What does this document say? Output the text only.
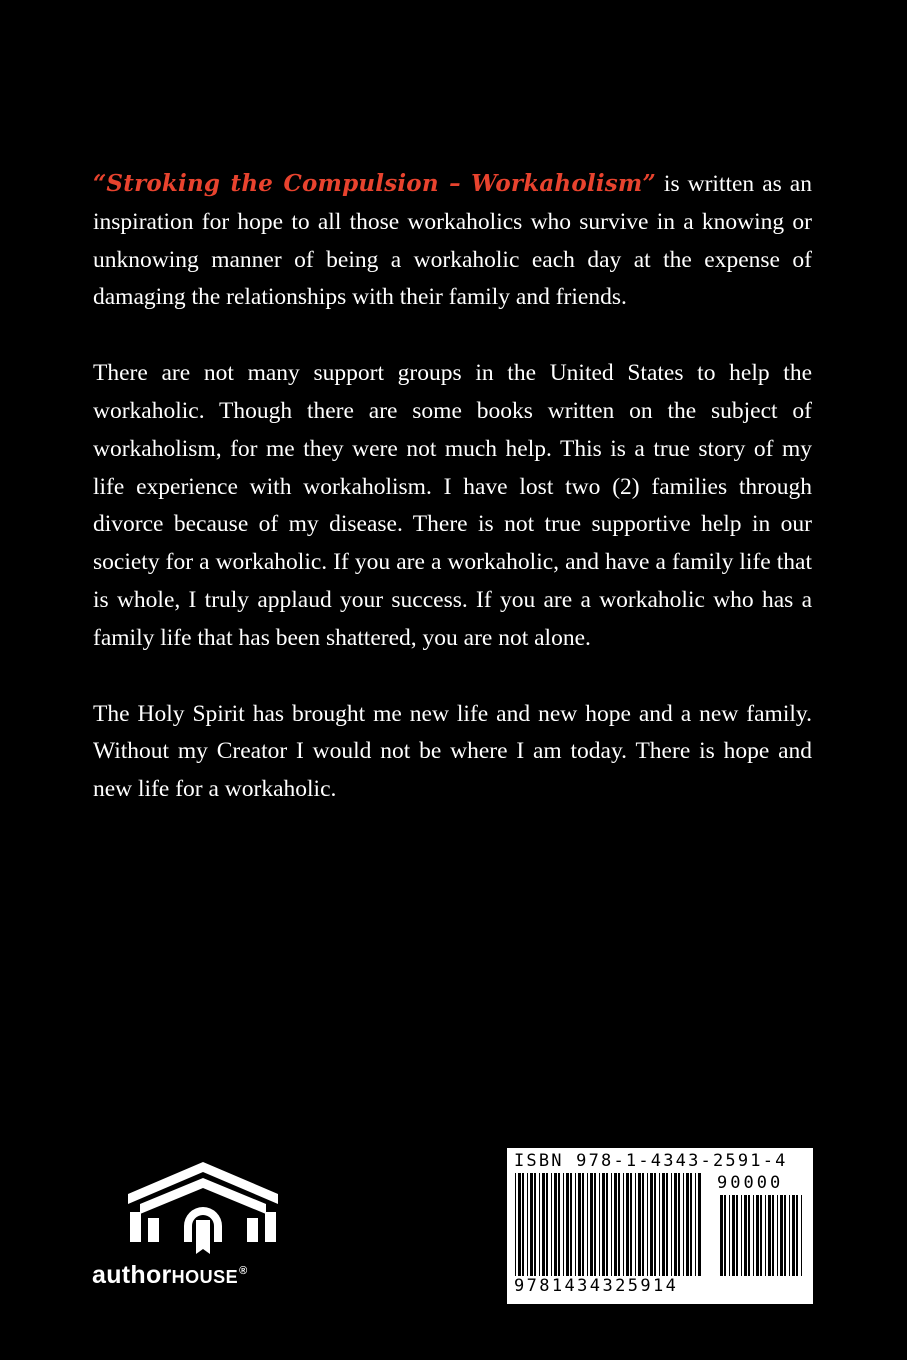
“Stroking the Compulsion – Workaholism” is written as an inspiration for hope to all those workaholics who survive in a knowing or unknowing manner of being a workaholic each day at the expense of damaging the relationships with their family and friends.

There are not many support groups in the United States to help the workaholic. Though there are some books written on the subject of workaholism, for me they were not much help. This is a true story of my life experience with workaholism. I have lost two (2) families through divorce because of my disease. There is not true supportive help in our society for a workaholic. If you are a workaholic, and have a family life that is whole, I truly applaud your success. If you are a workaholic who has a family life that has been shattered, you are not alone.

The Holy Spirit has brought me new life and new hope and a new family. Without my Creator I would not be where I am today. There is hope and new life for a workaholic.

authorHOUSE®
ISBN 978-1-4343-2591-4
90000
9781434325914
